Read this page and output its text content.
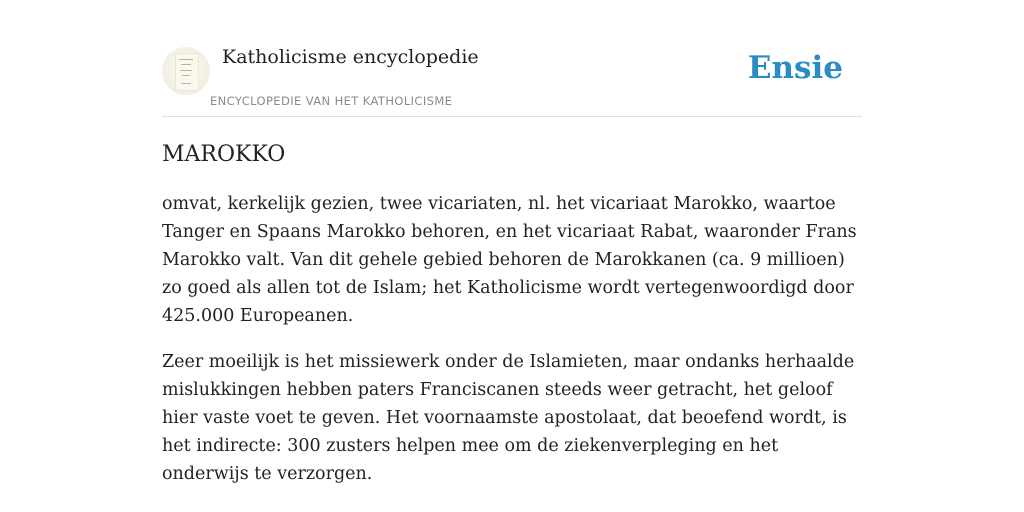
Katholicisme encyclopedie
ENCYCLOPEDIE VAN HET KATHOLICISME
Ensie
MAROKKO

omvat, kerkelijk gezien, twee vicariaten, nl. het vicariaat Marokko, waartoe Tanger en Spaans Marokko behoren, en het vicariaat Rabat, waaronder Frans Marokko valt. Van dit gehele gebied behoren de Marokkanen (ca. 9 millioen) zo goed als allen tot de Islam; het Katholicisme wordt vertegenwoordigd door 425.000 Europeanen.

Zeer moeilijk is het missiewerk onder de Islamieten, maar ondanks herhaalde mislukkingen hebben paters Franciscanen steeds weer getracht, het geloof hier vaste voet te geven. Het voornaamste apostolaat, dat beoefend wordt, is het indirecte: 300 zusters helpen mee om de ziekenverpleging en het onderwijs te verzorgen.
